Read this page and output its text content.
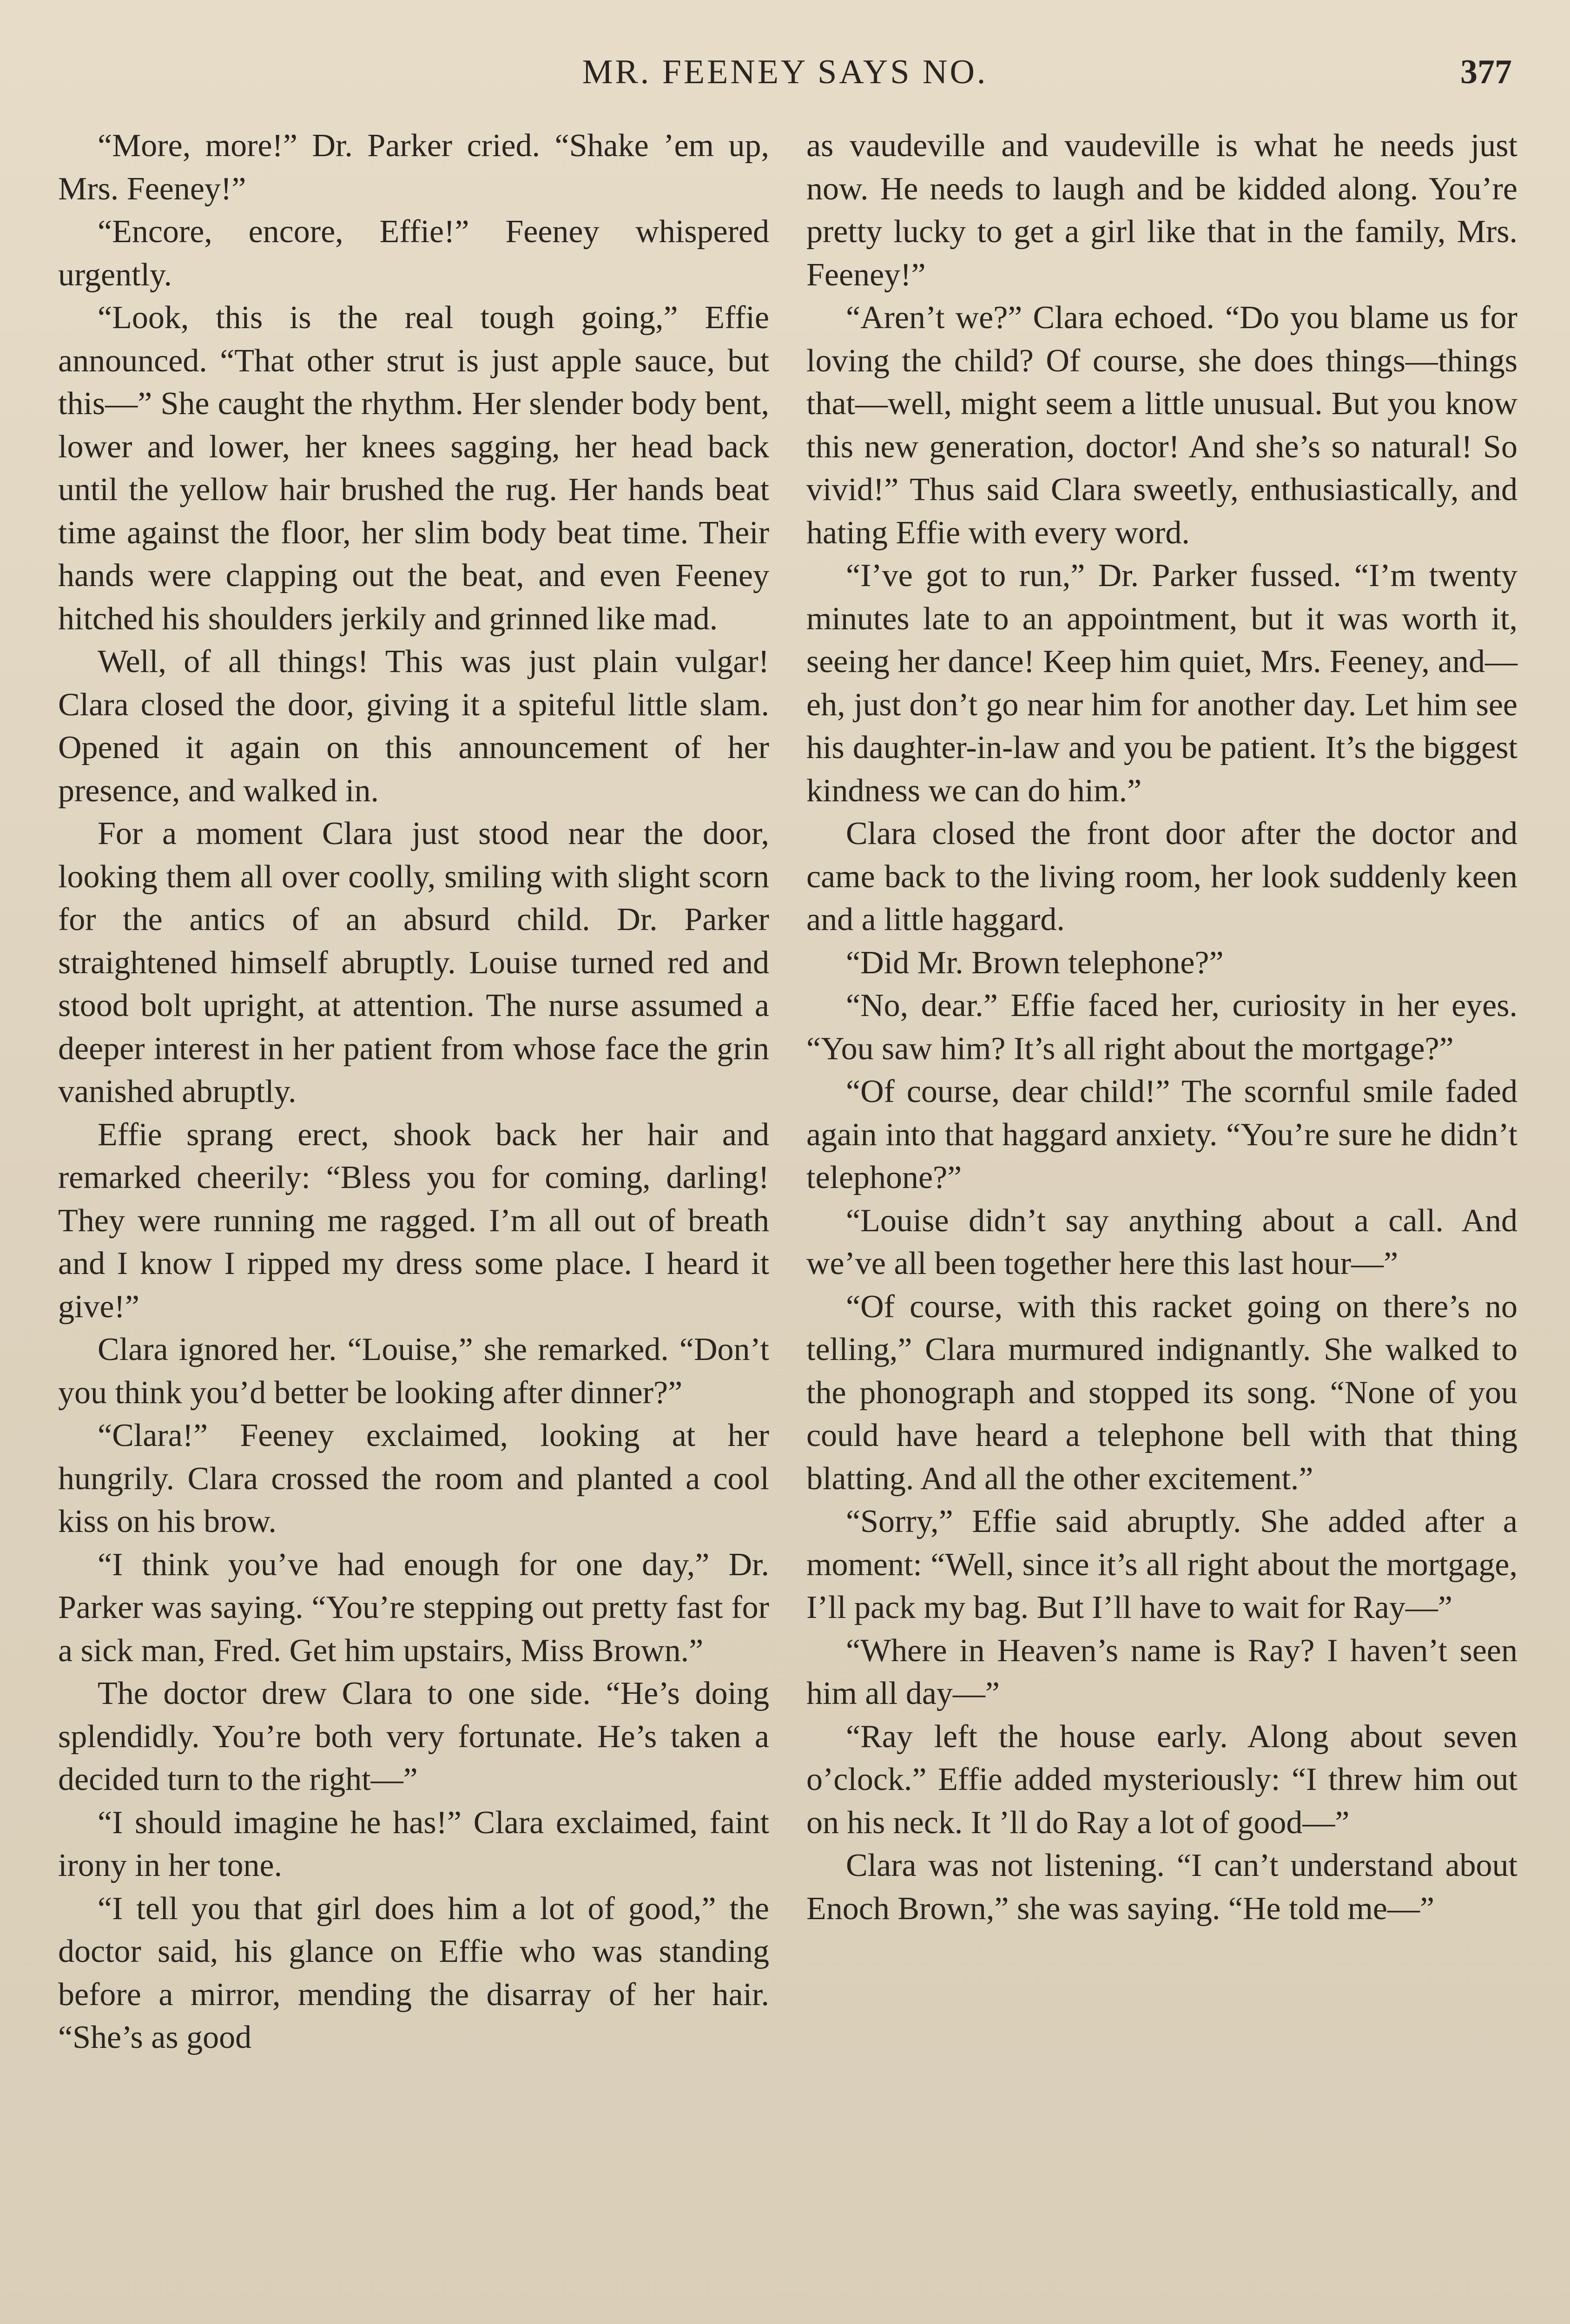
MR. FEENEY SAYS NO.	377

“More, more!” Dr. Parker cried. “Shake ’em up, Mrs. Feeney!”

“Encore, encore, Effie!” Feeney whispered urgently.

“Look, this is the real tough going,” Effie announced. “That other strut is just apple sauce, but this—” She caught the rhythm. Her slender body bent, lower and lower, her knees sagging, her head back until the yellow hair brushed the rug. Her hands beat time against the floor, her slim body beat time. Their hands were clapping out the beat, and even Feeney hitched his shoulders jerkily and grinned like mad.

Well, of all things! This was just plain vulgar! Clara closed the door, giving it a spiteful little slam. Opened it again on this announcement of her presence, and walked in.

For a moment Clara just stood near the door, looking them all over coolly, smiling with slight scorn for the antics of an absurd child. Dr. Parker straightened himself abruptly. Louise turned red and stood bolt upright, at attention. The nurse assumed a deeper interest in her patient from whose face the grin vanished abruptly.

Effie sprang erect, shook back her hair and remarked cheerily: “Bless you for coming, darling! They were running me ragged. I’m all out of breath and I know I ripped my dress some place. I heard it give!”

Clara ignored her. “Louise,” she remarked. “Don’t you think you’d better be looking after dinner?”

“Clara!” Feeney exclaimed, looking at her hungrily. Clara crossed the room and planted a cool kiss on his brow.

“I think you’ve had enough for one day,” Dr. Parker was saying. “You’re stepping out pretty fast for a sick man, Fred. Get him upstairs, Miss Brown.”

The doctor drew Clara to one side. “He’s doing splendidly. You’re both very fortunate. He’s taken a decided turn to the right—”

“I should imagine he has!” Clara exclaimed, faint irony in her tone.

“I tell you that girl does him a lot of good,” the doctor said, his glance on Effie who was standing before a mirror, mending the disarray of her hair. “She’s as good

as vaudeville and vaudeville is what he needs just now. He needs to laugh and be kidded along. You’re pretty lucky to get a girl like that in the family, Mrs. Feeney!”

“Aren’t we?” Clara echoed. “Do you blame us for loving the child? Of course, she does things—things that—well, might seem a little unusual. But you know this new generation, doctor! And she’s so natural! So vivid!” Thus said Clara sweetly, enthusiastically, and hating Effie with every word.

“I’ve got to run,” Dr. Parker fussed. “I’m twenty minutes late to an appointment, but it was worth it, seeing her dance! Keep him quiet, Mrs. Feeney, and—eh, just don’t go near him for another day. Let him see his daughter-in-law and you be patient. It’s the biggest kindness we can do him.”

Clara closed the front door after the doctor and came back to the living room, her look suddenly keen and a little haggard.

“Did Mr. Brown telephone?”

“No, dear.” Effie faced her, curiosity in her eyes. “You saw him? It’s all right about the mortgage?”

“Of course, dear child!” The scornful smile faded again into that haggard anxiety. “You’re sure he didn’t telephone?”

“Louise didn’t say anything about a call. And we’ve all been together here this last hour—”

“Of course, with this racket going on there’s no telling,” Clara murmured indignantly. She walked to the phonograph and stopped its song. “None of you could have heard a telephone bell with that thing blatting. And all the other excitement.”

“Sorry,” Effie said abruptly. She added after a moment: “Well, since it’s all right about the mortgage, I’ll pack my bag. But I’ll have to wait for Ray—”

“Where in Heaven’s name is Ray? I haven’t seen him all day—”

“Ray left the house early. Along about seven o’clock.” Effie added mysteriously: “I threw him out on his neck. It ’ll do Ray a lot of good—”

Clara was not listening. “I can’t understand about Enoch Brown,” she was saying. “He told me—”
